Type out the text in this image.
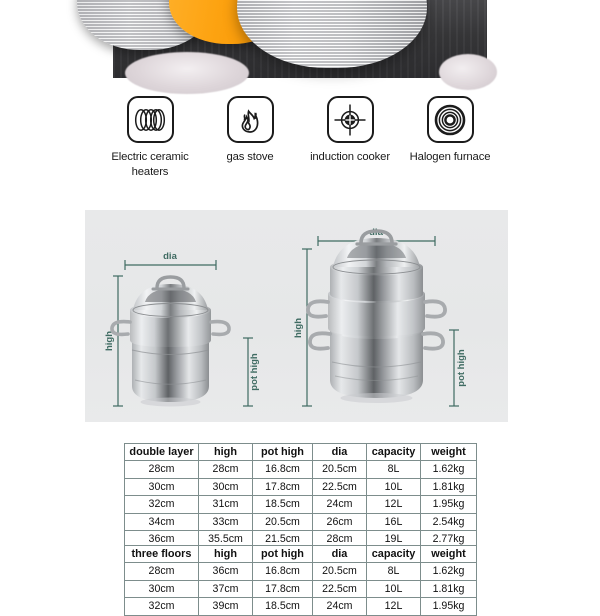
Electric ceramic heaters
gas stove	induction cooker Halogen furnace
dia
high
pot high
dia
high
pot high
double layer	high	pot high	dia	capacity	weight
28cm	28cm	16.8cm	20.5cm	8L	1.62kg
30cm	30cm	17.8cm	22.5cm	10L	1.81kg
32cm	31cm	18.5cm	24cm	12L	1.95kg
34cm	33cm	20.5cm	26cm	16L	2.54kg
36cm	35.5cm	21.5cm	28cm	19L	2.77kg
three floors	high	pot high	dia	capacity	weight
28cm	36cm	16.8cm	20.5cm	8L	1.62kg
30cm	37cm	17.8cm	22.5cm	10L	1.81kg
32cm	39cm	18.5cm	24cm	12L	1.95kg
